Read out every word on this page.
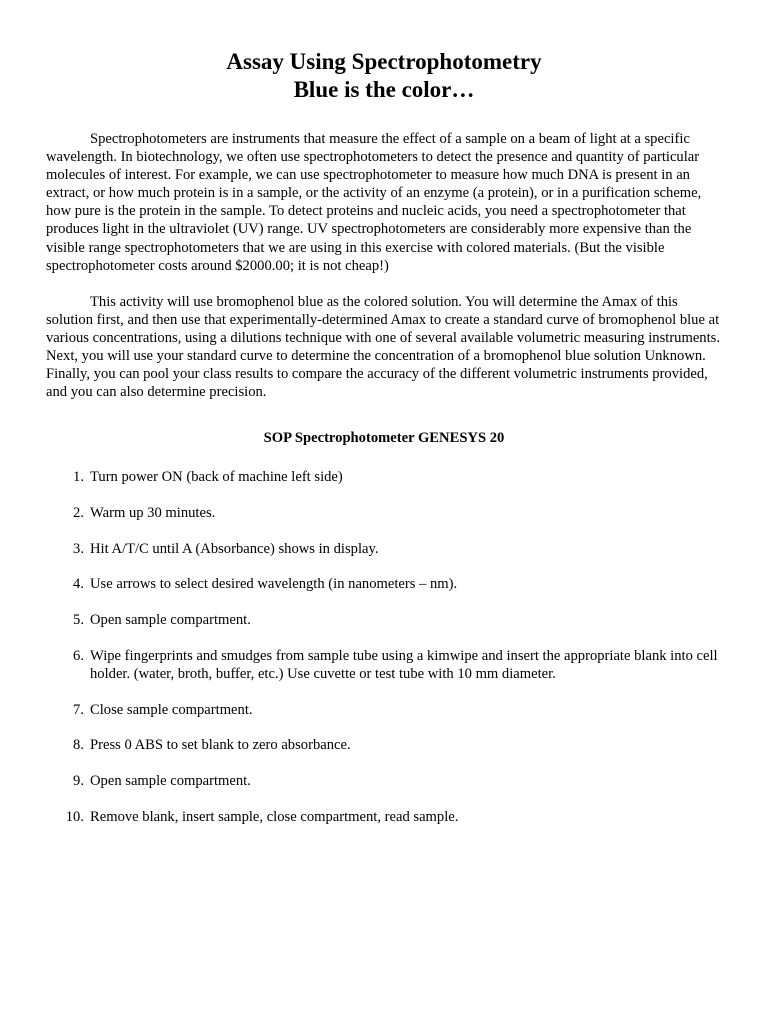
Assay Using Spectrophotometry
Blue is the color…

Spectrophotometers are instruments that measure the effect of a sample on a beam of light at a specific wavelength. In biotechnology, we often use spectrophotometers to detect the presence and quantity of particular molecules of interest. For example, we can use spectrophotometer to measure how much DNA is present in an extract, or how much protein is in a sample, or the activity of an enzyme (a protein), or in a purification scheme, how pure is the protein in the sample. To detect proteins and nucleic acids, you need a spectrophotometer that produces light in the ultraviolet (UV) range. UV spectrophotometers are considerably more expensive than the visible range spectrophotometers that we are using in this exercise with colored materials. (But the visible spectrophotometer costs around $2000.00; it is not cheap!)

This activity will use bromophenol blue as the colored solution. You will determine the Amax of this solution first, and then use that experimentally-determined Amax to create a standard curve of bromophenol blue at various concentrations, using a dilutions technique with one of several available volumetric measuring instruments. Next, you will use your standard curve to determine the concentration of a bromophenol blue solution Unknown. Finally, you can pool your class results to compare the accuracy of the different volumetric instruments provided, and you can also determine precision.

SOP Spectrophotometer GENESYS 20
1. Turn power ON (back of machine left side)
2. Warm up 30 minutes.
3. Hit A/T/C until A (Absorbance) shows in display.
4. Use arrows to select desired wavelength (in nanometers – nm).
5. Open sample compartment.
6. Wipe fingerprints and smudges from sample tube using a kimwipe and insert the appropriate blank into cell holder. (water, broth, buffer, etc.) Use cuvette or test tube with 10 mm diameter.
7. Close sample compartment.
8. Press 0 ABS to set blank to zero absorbance.
9. Open sample compartment.
10. Remove blank, insert sample, close compartment, read sample.
